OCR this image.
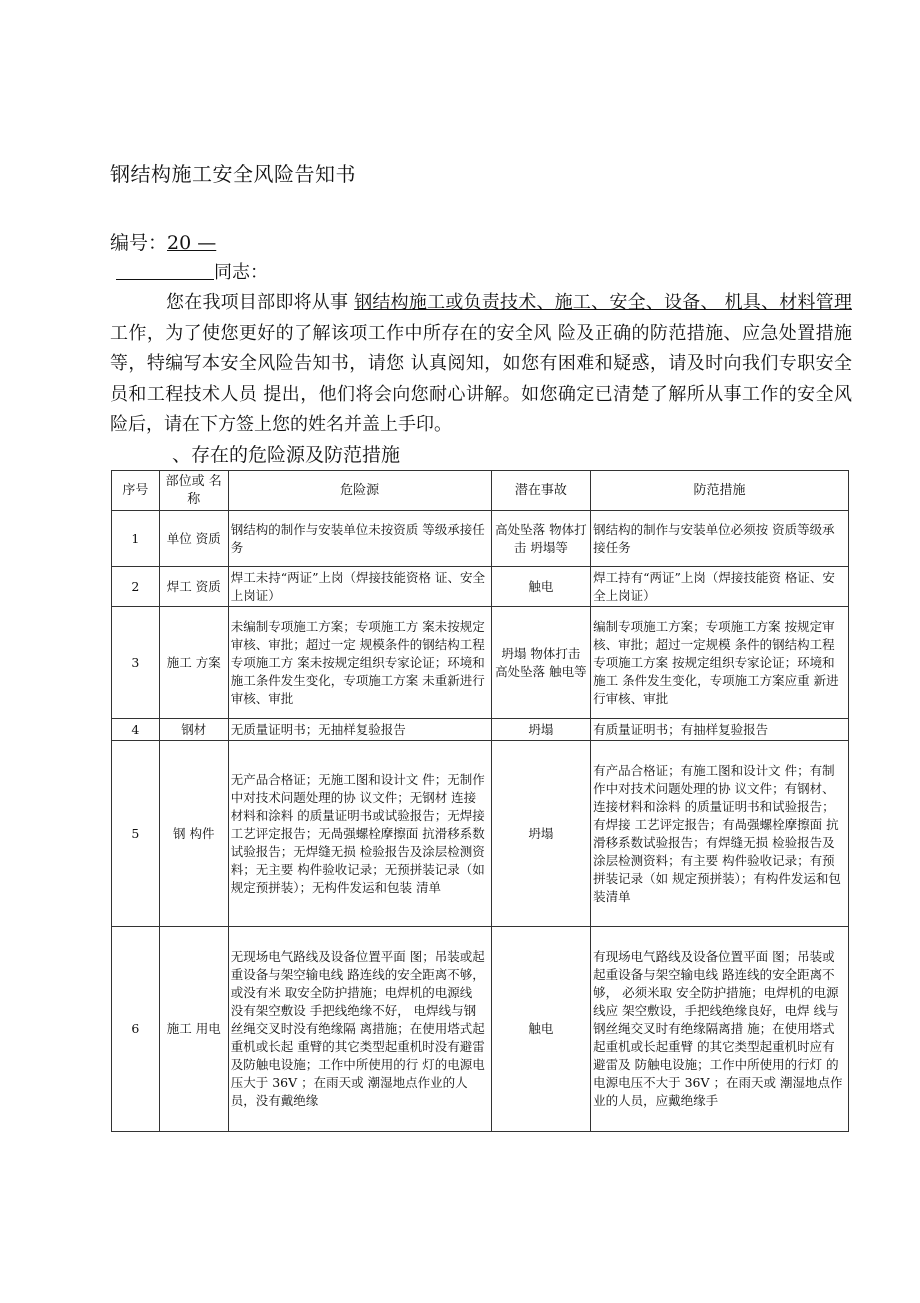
钢结构施工安全风险告知书
编号：20 —
同志：
您在我项目部即将从事 钢结构施工或负责技术、施工、安全、设备、 机具、材料管理 工作，为了使您更好的了解该项工作中所存在的安全风 险及正确的防范措施、应急处置措施等，特编写本安全风险告知书，请您 认真阅知，如您有困难和疑惑，请及时向我们专职安全员和工程技术人员 提出，他们将会向您耐心讲解。如您确定已清楚了解所从事工作的安全风 险后，请在下方签上您的姓名并盖上手印。
、存在的危险源及防范措施
序号	部位或 名称	危险源	潜在事故	防范措施
1	单位 资质	钢结构的制作与安装单位未按资质 等级承接任务	高处坠落 物体打击 坍塌等	钢结构的制作与安装单位必须按 资质等级承接任务
2	焊工 资质	焊工未持“两证”上岗（焊接技能资格 证、安全上岗证）	触电	焊工持有“两证”上岗（焊接技能资 格证、安全上岗证）
3	施工 方案	未编制专项施工方案；专项施工方 案未按规定审核、审批；超过一定 规模条件的钢结构工程专项施工方 案未按规定组织专家论证；环境和 施工条件发生变化，专项施工方案 未重新进行审核、审批	坍塌 物体打击 高处坠落 触电等	编制专项施工方案；专项施工方案 按规定审核、审批；超过一定规模 条件的钢结构工程专项施工方案 按规定组织专家论证；环境和施工 条件发生变化，专项施工方案应重 新进行审核、审批
4	钢材	无质量证明书；无抽样复验报告	坍塌	有质量证明书；有抽样复验报告
5	钢 构件	无产品合格证；无施工图和设计文 件；无制作中对技术问题处理的协 议文件；无钢材 连接材料和涂料 的质量证明书或试验报告；无焊接 工艺评定报告；无咼强螺栓摩擦面 抗滑移系数试验报告；无焊缝无损 检验报告及涂层检测资料；无主要 构件验收记录；无预拼装记录（如 规定预拼装）；无构件发运和包装 清单	坍塌	有产品合格证；有施工图和设计文 件；有制作中对技术问题处理的协 议文件；有钢材、连接材料和涂料 的质量证明书和试验报告；有焊接 工艺评定报告；有咼强螺栓摩擦面 抗滑移系数试验报告；有焊缝无损 检验报告及涂层检测资料；有主要 构件验收记录；有预拼装记录（如 规定预拼装）；有构件发运和包装清单
6	施工 用电	无现场电气路线及设备位置平面 图；吊装或起重设备与架空输电线 路连线的安全距离不够，或没有米 取安全防护措施；电焊机的电源线 没有架空敷设 手把线绝缘不好， 电焊线与钢丝绳交叉时没有绝缘隔 离措施；在使用塔式起重机或长起 重臂的其它类型起重机时没有避雷 及防触电设施；工作中所使用的行 灯的电源电压大于 36V ；在雨天或 潮湿地点作业的人员，没有戴绝缘	触电	有现场电气路线及设备位置平面 图；吊装或起重设备与架空输电线 路连线的安全距离不够， 必须米取 安全防护措施；电焊机的电源线应 架空敷设，手把线绝缘良好，电焊 线与钢丝绳交叉时有绝缘隔离措 施；在使用塔式起重机或长起重臂 的其它类型起重机时应有避雷及 防触电设施；工作中所使用的行灯 的电源电压不大于 36V ；在雨天或 潮湿地点作业的人员，应戴绝缘手
